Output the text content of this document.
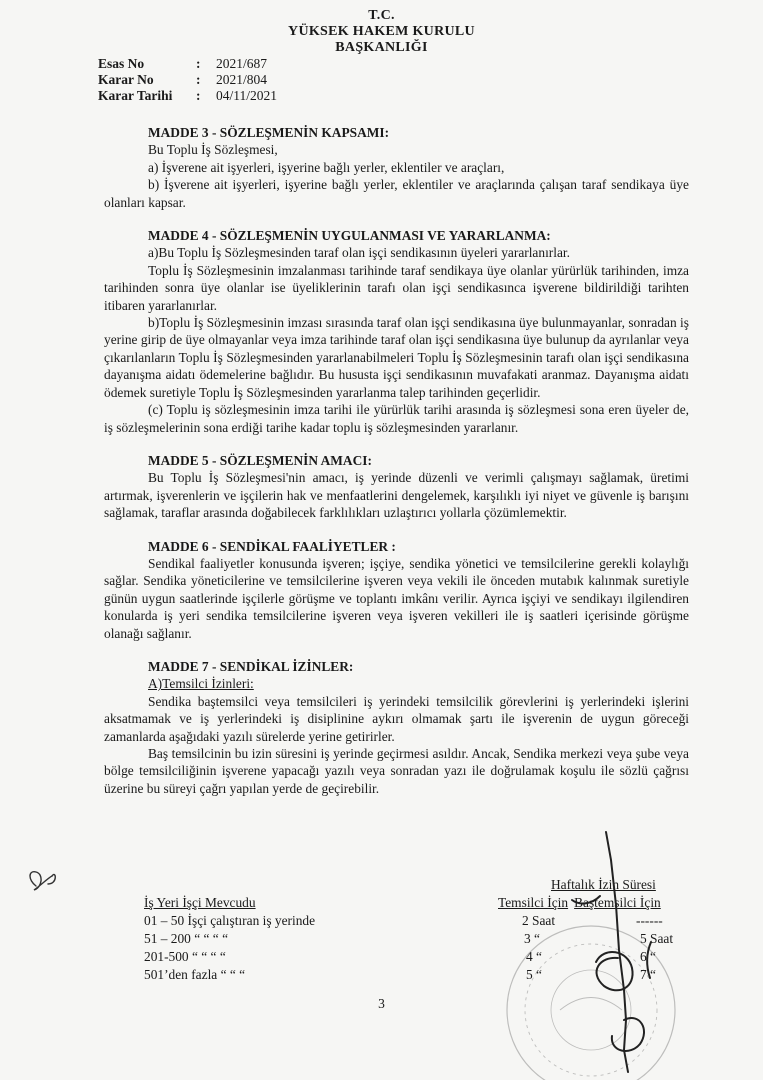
T.C.
YÜKSEK HAKEM KURULU
BAŞKANLIĞI
Esas No	:	2021/687
Karar No	:	2021/804
Karar Tarihi	:	04/11/2021

MADDE 3 - SÖZLEŞMENİN KAPSAMI:

Bu Toplu İş Sözleşmesi,

a) İşverene ait işyerleri, işyerine bağlı yerler, eklentiler ve araçları,

b) İşverene ait işyerleri, işyerine bağlı yerler, eklentiler ve araçlarında çalışan taraf sendikaya üye olanları kapsar.

MADDE 4 - SÖZLEŞMENİN UYGULANMASI VE YARARLANMA:

a)Bu Toplu İş Sözleşmesinden taraf olan işçi sendikasının üyeleri yararlanırlar.

Toplu İş Sözleşmesinin imzalanması tarihinde taraf sendikaya üye olanlar yürürlük tarihinden, imza tarihinden sonra üye olanlar ise üyeliklerinin tarafı olan işçi sendikasınca işverene bildirildiği tarihten itibaren yararlanırlar.

b)Toplu İş Sözleşmesinin imzası sırasında taraf olan işçi sendikasına üye bulunmayanlar, sonradan iş yerine girip de üye olmayanlar veya imza tarihinde taraf olan işçi sendikasına üye bulunup da ayrılanlar veya çıkarılanların Toplu İş Sözleşmesinden yararlanabilmeleri Toplu İş Sözleşmesinin tarafı olan işçi sendikasına dayanışma aidatı ödemelerine bağlıdır. Bu hususta işçi sendikasının muvafakati aranmaz. Dayanışma aidatı ödemek suretiyle Toplu İş Sözleşmesinden yararlanma talep tarihinden geçerlidir.

(c) Toplu iş sözleşmesinin imza tarihi ile yürürlük tarihi arasında iş sözleşmesi sona eren üyeler de, iş sözleşmelerinin sona erdiği tarihe kadar toplu iş sözleşmesinden yararlanır.

MADDE 5 - SÖZLEŞMENİN AMACI:

Bu Toplu İş Sözleşmesi'nin amacı, iş yerinde düzenli ve verimli çalışmayı sağlamak, üretimi artırmak, işverenlerin ve işçilerin hak ve menfaatlerini dengelemek, karşılıklı iyi niyet ve güvenle iş barışını sağlamak, taraflar arasında doğabilecek farklılıkları uzlaştırıcı yollarla çözümlemektir.

MADDE 6 - SENDİKAL FAALİYETLER :

Sendikal faaliyetler konusunda işveren; işçiye, sendika yönetici ve temsilcilerine gerekli kolaylığı sağlar. Sendika yöneticilerine ve temsilcilerine işveren veya vekili ile önceden mutabık kalınmak suretiyle günün uygun saatlerinde işçilerle görüşme ve toplantı imkânı verilir. Ayrıca işçiyi ve sendikayı ilgilendiren konularda iş yeri sendika temsilcilerine işveren veya işveren vekilleri ile iş saatleri içerisinde görüşme olanağı sağlanır.

MADDE 7 - SENDİKAL İZİNLER:

A)Temsilci İzinleri:

Sendika baştemsilci veya temsilcileri iş yerindeki temsilcilik görevlerini iş yerlerindeki işlerini aksatmamak ve iş yerlerindeki iş disiplinine aykırı olmamak şartı ile işverenin de uygun göreceği zamanlarda aşağıdaki yazılı sürelerde yerine getirirler.

Baş temsilcinin bu izin süresini iş yerinde geçirmesi asıldır. Ancak, Sendika merkezi veya şube veya bölge temsilciliğinin işverene yapacağı yazılı veya sonradan yazı ile doğrulamak koşulu ile sözlü çağrısı üzerine bu süreyi çağrı yapılan yerde de geçirebilir.

İş Yeri İşçi Mevcudu
Haftalık İzin Süresi
Temsilci İçin Baştemsilci İçin
01 – 50 İşçi çalıştıran iş yerinde	2 Saat	------
51 – 200 “ “ “ “	3 “	5 Saat
201-500 “ “ “ “	4 “	6 “
501’den fazla “ “ “	5 “	7 “
3
